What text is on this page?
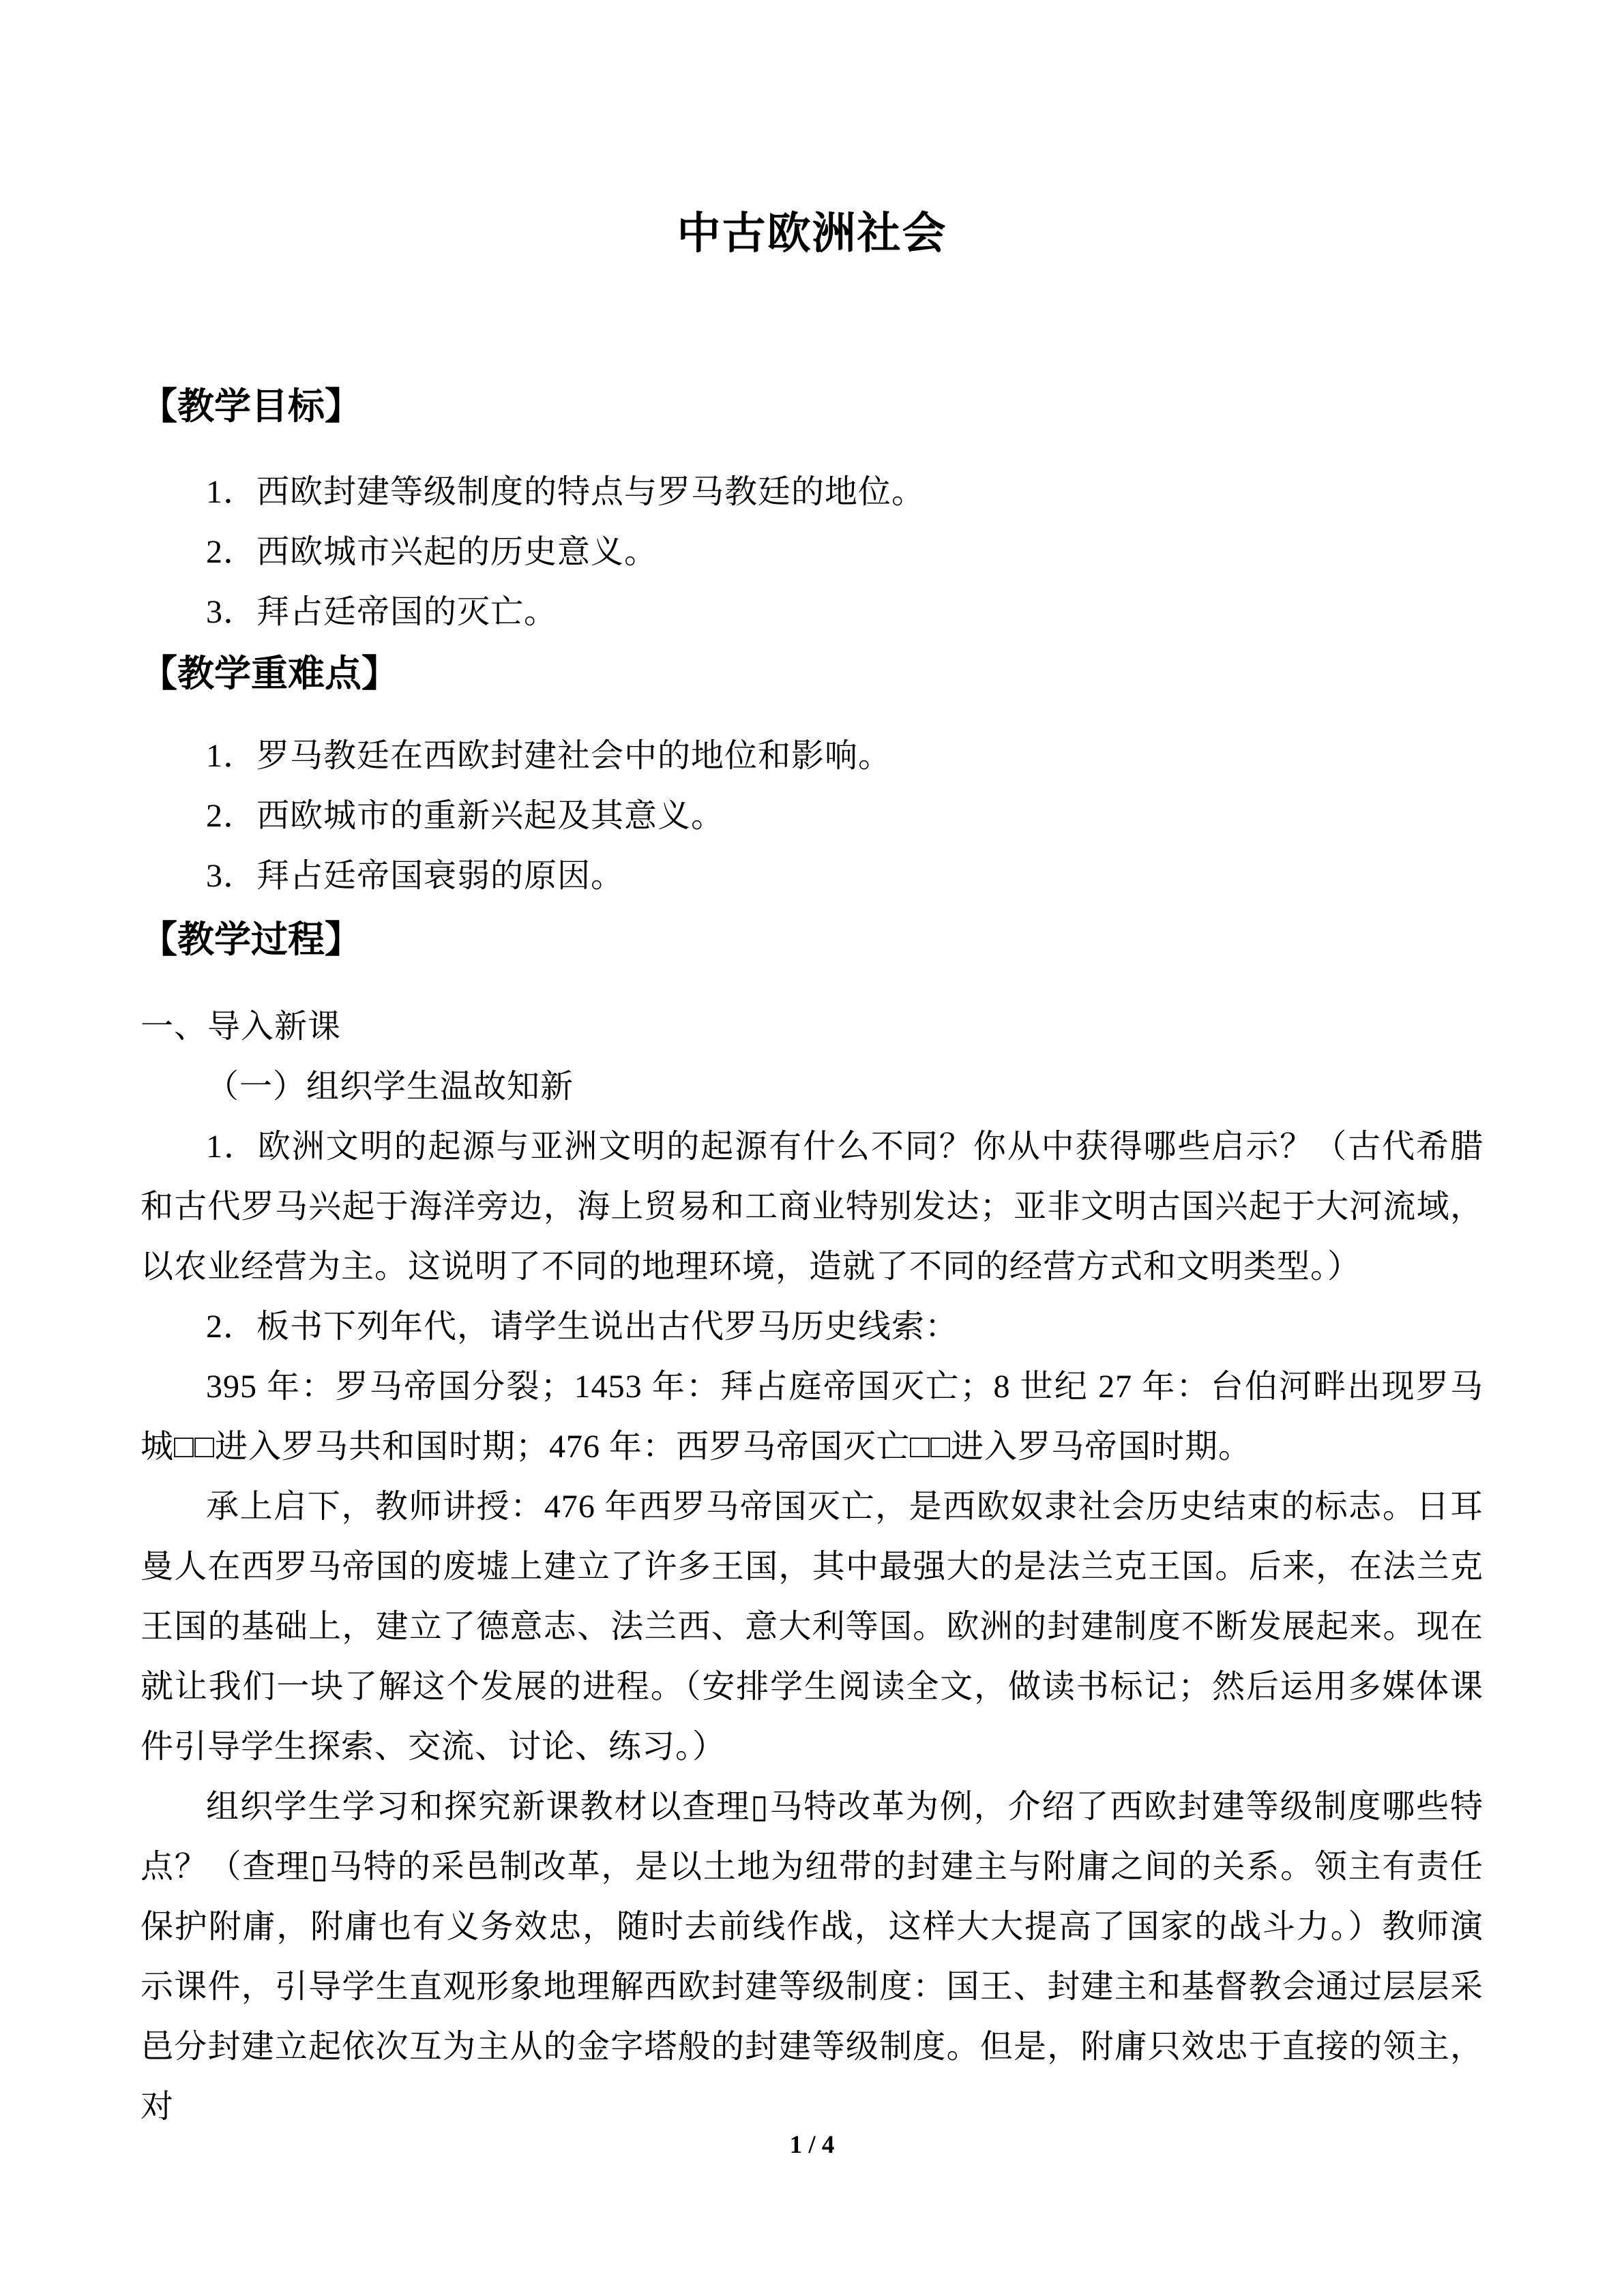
中古欧洲社会
【教学目标】

1．西欧封建等级制度的特点与罗马教廷的地位。

2．西欧城市兴起的历史意义。

3．拜占廷帝国的灭亡。

【教学重难点】

1．罗马教廷在西欧封建社会中的地位和影响。

2．西欧城市的重新兴起及其意义。

3．拜占廷帝国衰弱的原因。

【教学过程】

一、导入新课

（一）组织学生温故知新

1．欧洲文明的起源与亚洲文明的起源有什么不同？你从中获得哪些启示？（古代希腊和古代罗马兴起于海洋旁边，海上贸易和工商业特别发达；亚非文明古国兴起于大河流域，以农业经营为主。这说明了不同的地理环境，造就了不同的经营方式和文明类型。）

2．板书下列年代，请学生说出古代罗马历史线索：

395 年：罗马帝国分裂；1453 年：拜占庭帝国灭亡；8 世纪 27 年：台伯河畔出现罗马城□□进入罗马共和国时期；476 年：西罗马帝国灭亡□□进入罗马帝国时期。

承上启下，教师讲授：476 年西罗马帝国灭亡，是西欧奴隶社会历史结束的标志。日耳曼人在西罗马帝国的废墟上建立了许多王国，其中最强大的是法兰克王国。后来，在法兰克王国的基础上，建立了德意志、法兰西、意大利等国。欧洲的封建制度不断发展起来。现在就让我们一块了解这个发展的进程。（安排学生阅读全文，做读书标记；然后运用多媒体课件引导学生探索、交流、讨论、练习。）

组织学生学习和探究新课教材以查理▯马特改革为例，介绍了西欧封建等级制度哪些特点？（查理▯马特的采邑制改革，是以土地为纽带的封建主与附庸之间的关系。领主有责任保护附庸，附庸也有义务效忠，随时去前线作战，这样大大提高了国家的战斗力。）教师演示课件，引导学生直观形象地理解西欧封建等级制度：国王、封建主和基督教会通过层层采邑分封建立起依次互为主从的金字塔般的封建等级制度。但是，附庸只效忠于直接的领主，对

1 / 4
